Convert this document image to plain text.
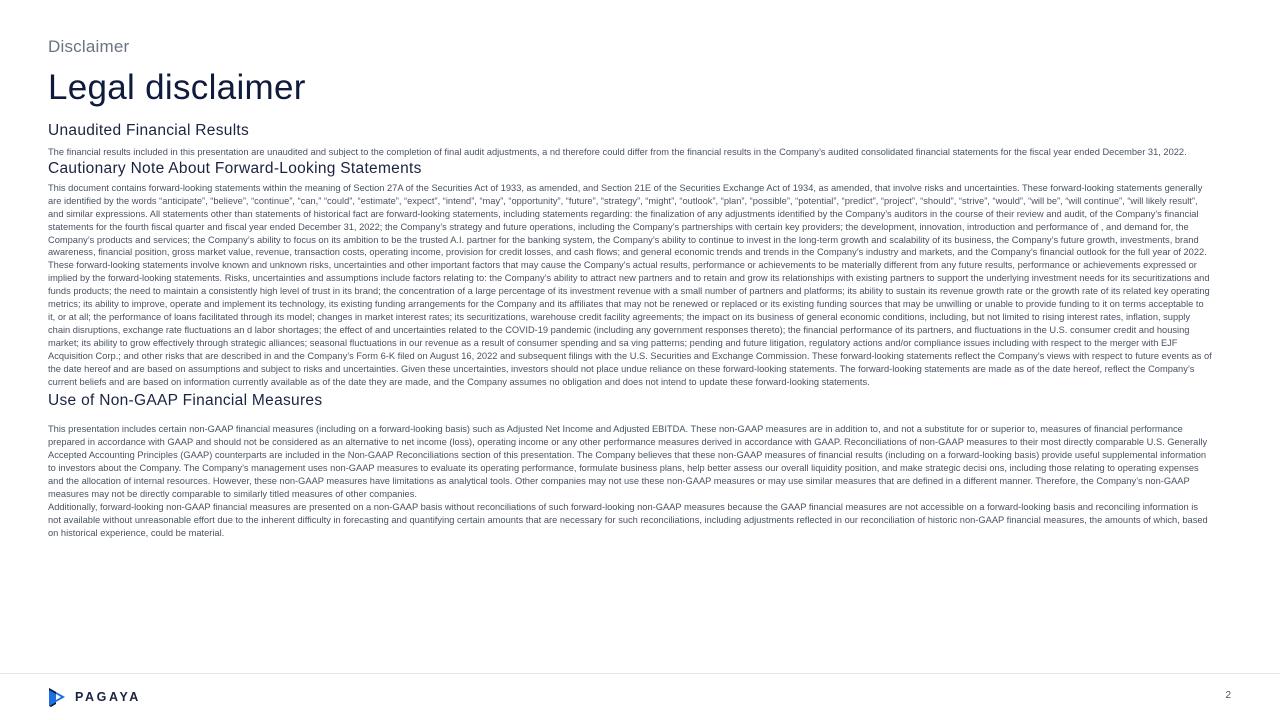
Disclaimer
Legal disclaimer
Unaudited Financial Results

The financial results included in this presentation are unaudited and subject to the completion of final audit adjustments, a nd therefore could differ from the financial results in the Company’s audited consolidated financial statements for the fiscal year ended December 31, 2022.

Cautionary Note About Forward-Looking Statements

This document contains forward-looking statements within the meaning of Section 27A of the Securities Act of 1933, as amended, and Section 21E of the Securities Exchange Act of 1934, as amended, that involve risks and uncertainties. These forward-looking statements generally are identified by the words “anticipate”, “believe”, “continue”, “can,” “could”, “estimate”, “expect”, “intend”, “may”, “opportunity”, “future”, “strategy”, “might”, “outlook”, “plan”, “possible”, “potential”, “predict”, “project”, “should”, “strive”, “would”, “will be”, “will continue”, “will likely result”, and similar expressions. All statements other than statements of historical fact are forward-looking statements, including statements regarding: the finalization of any adjustments identified by the Company’s auditors in the course of their review and audit, of the Company’s financial statements for the fourth fiscal quarter and fiscal year ended December 31, 2022; the Company’s strategy and future operations, including the Company’s partnerships with certain key providers; the development, innovation, introduction and performance of , and demand for, the Company’s products and services; the Company’s ability to focus on its ambition to be the trusted A.I. partner for the banking system, the Company’s ability to continue to invest in the long-term growth and scalability of its business, the Company’s future growth, investments, brand awareness, financial position, gross market value, revenue, transaction costs, operating income, provision for credit losses, and cash flows; and general economic trends and trends in the Company’s industry and markets, and the Company’s financial outlook for the full year of 2022. These forward-looking statements involve known and unknown risks, uncertainties and other important factors that may cause the Company’s actual results, performance or achievements to be materially different from any future results, performance or achievements expressed or implied by the forward-looking statements. Risks, uncertainties and assumptions include factors relating to: the Company’s ability to attract new partners and to retain and grow its relationships with existing partners to support the underlying investment needs for its securitizations and funds products; the need to maintain a consistently high level of trust in its brand; the concentration of a large percentage of its investment revenue with a small number of partners and platforms; its ability to sustain its revenue growth rate or the growth rate of its related key operating metrics; its ability to improve, operate and implement its technology, its existing funding arrangements for the Company and its affiliates that may not be renewed or replaced or its existing funding sources that may be unwilling or unable to provide funding to it on terms acceptable to it, or at all; the performance of loans facilitated through its model; changes in market interest rates; its securitizations, warehouse credit facility agreements; the impact on its business of general economic conditions, including, but not limited to rising interest rates, inflation, supply chain disruptions, exchange rate fluctuations an d labor shortages; the effect of and uncertainties related to the COVID-19 pandemic (including any government responses thereto); the financial performance of its partners, and fluctuations in the U.S. consumer credit and housing market; its ability to grow effectively through strategic alliances; seasonal fluctuations in our revenue as a result of consumer spending and sa ving patterns; pending and future litigation, regulatory actions and/or compliance issues including with respect to the merger with EJF Acquisition Corp.; and other risks that are described in and the Company’s Form 6-K filed on August 16, 2022 and subsequent filings with the U.S. Securities and Exchange Commission. These forward-looking statements reflect the Company’s views with respect to future events as of the date hereof and are based on assumptions and subject to risks and uncertainties. Given these uncertainties, investors should not place undue reliance on these forward-looking statements. The forward-looking statements are made as of the date hereof, reflect the Company’s current beliefs and are based on information currently available as of the date they are made, and the Company assumes no obligation and does not intend to update these forward-looking statements.

Use of Non-GAAP Financial Measures

This presentation includes certain non-GAAP financial measures (including on a forward-looking basis) such as Adjusted Net Income and Adjusted EBITDA. These non-GAAP measures are in addition to, and not a substitute for or superior to, measures of financial performance prepared in accordance with GAAP and should not be considered as an alternative to net income (loss), operating income or any other performance measures derived in accordance with GAAP. Reconciliations of non-GAAP measures to their most directly comparable U.S. Generally Accepted Accounting Principles (GAAP) counterparts are included in the Non-GAAP Reconciliations section of this presentation. The Company believes that these non-GAAP measures of financial results (including on a forward-looking basis) provide useful supplemental information to investors about the Company. The Company’s management uses non-GAAP measures to evaluate its operating performance, formulate business plans, help better assess our overall liquidity position, and make strategic decisi ons, including those relating to operating expenses and the allocation of internal resources. However, these non-GAAP measures have limitations as analytical tools. Other companies may not use these non-GAAP measures or may use similar measures that are defined in a different manner. Therefore, the Company’s non-GAAP measures may not be directly comparable to similarly titled measures of other companies.

Additionally, forward-looking non-GAAP financial measures are presented on a non-GAAP basis without reconciliations of such forward-looking non-GAAP measures because the GAAP financial measures are not accessible on a forward-looking basis and reconciling information is not available without unreasonable effort due to the inherent difficulty in forecasting and quantifying certain amounts that are necessary for such reconciliations, including adjustments reflected in our reconciliation of historic non-GAAP financial measures, the amounts of which, based on historical experience, could be material.

PAGAYA	2
